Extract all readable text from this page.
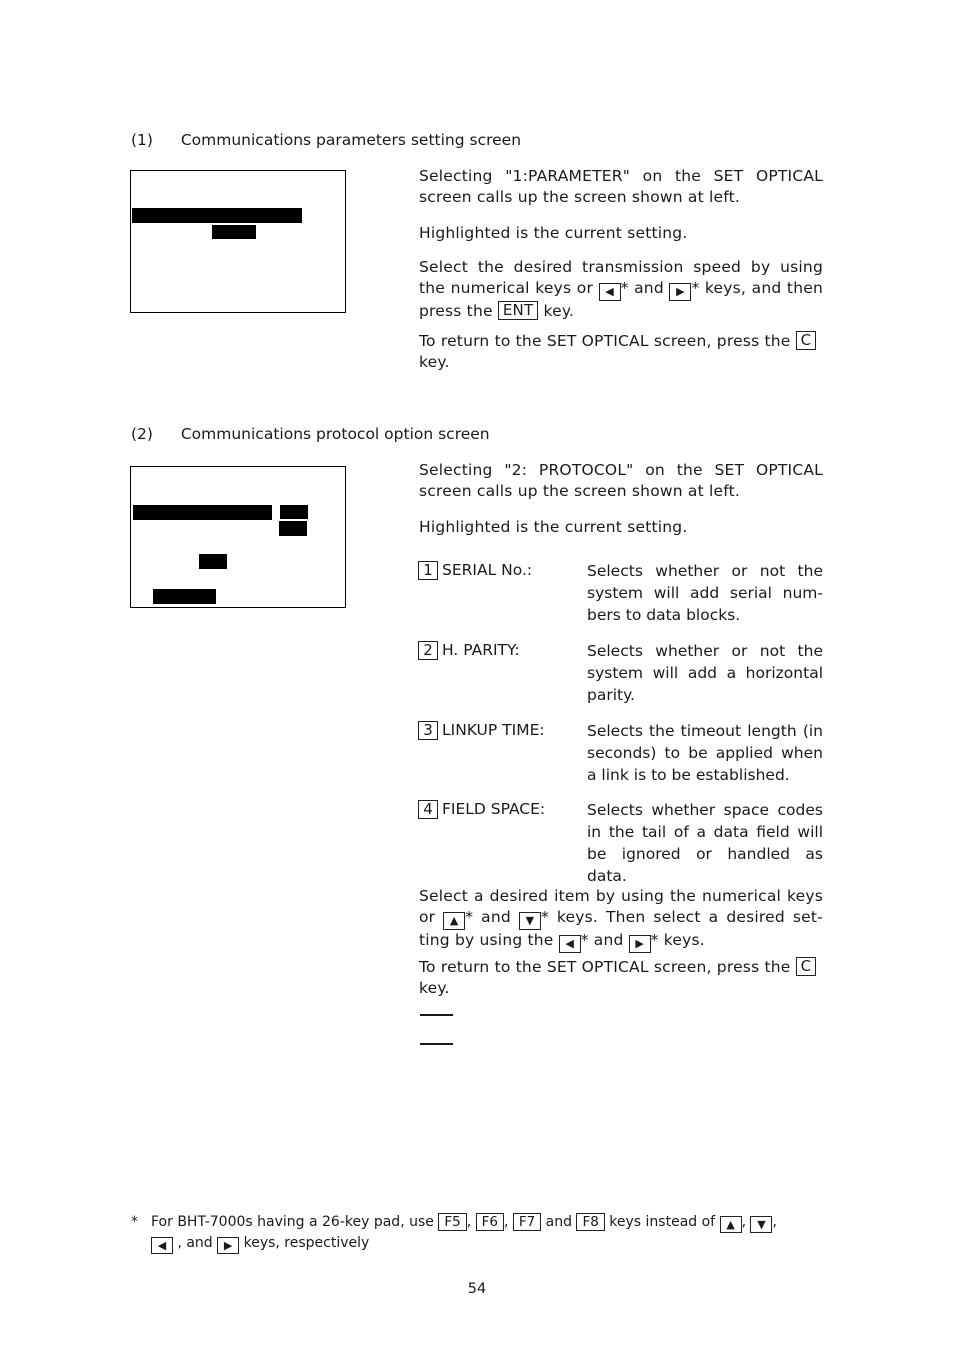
(1) Communications parameters setting screen
Selecting "1:PARAMETER" on the SET OPTICAL screen calls up the screen shown at left.
Highlighted is the current setting.
Select the desired transmission speed by using the numerical keys or ◀ * and ▶ * keys, and then press the ENT key.
To return to the SET OPTICAL screen, press the C key.
(2) Communications protocol option screen
Selecting "2: PROTOCOL" on the SET OPTICAL screen calls up the screen shown at left.
Highlighted is the current setting.
1 SERIAL No.:	Selects whether or not the system will add serial num-bers to data blocks.
2 H. PARITY:	Selects whether or not the system will add a horizontal parity.
3 LINKUP TIME:	Selects the timeout length (in seconds) to be applied when a link is to be established.
4 FIELD SPACE:	Selects whether space codes in the tail of a data field will be ignored or handled as data.
Select a desired item by using the numerical keys or ▲ * and ▼ * keys. Then select a desired set-ting by using the ◀ * and ▶ * keys.
To return to the SET OPTICAL screen, press the C key.
* For BHT-7000s having a 26-key pad, use F5 , F6 , F7 and F8 keys instead of ▲ , ▼ ,
◀ , and ▶ keys, respectively
54
